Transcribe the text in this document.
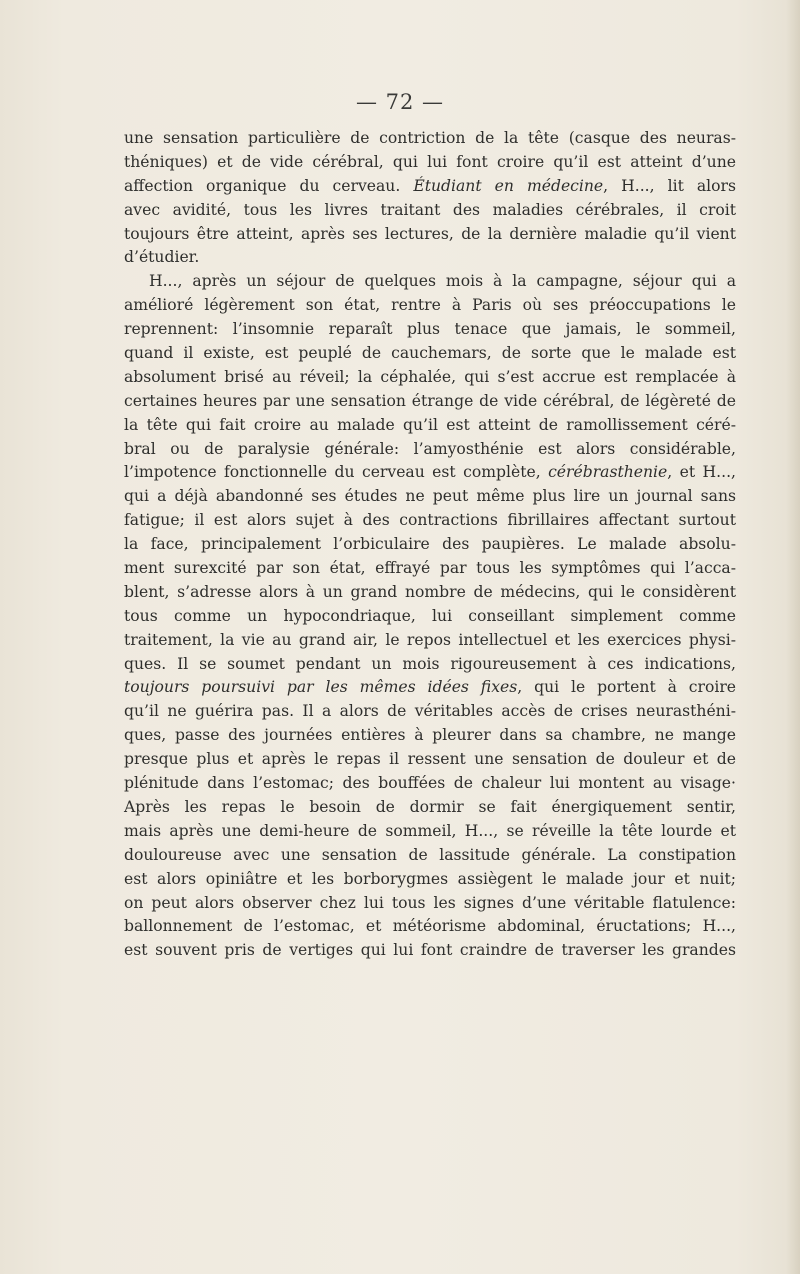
— 72 —
une sensation particulière de contriction de la tête (casque des neuras-
théniques) et de vide cérébral, qui lui font croire qu’il est atteint d’une
affection organique du cerveau. Étudiant en médecine, H..., lit alors
avec avidité, tous les livres traitant des maladies cérébrales, il croit
toujours être atteint, après ses lectures, de la dernière maladie qu’il vient
d’étudier.
H..., après un séjour de quelques mois à la campagne, séjour qui a
amélioré légèrement son état, rentre à Paris où ses préoccupations le
reprennent: l’insomnie reparaît plus tenace que jamais, le sommeil,
quand il existe, est peuplé de cauchemars, de sorte que le malade est
absolument brisé au réveil; la céphalée, qui s’est accrue est remplacée à
certaines heures par une sensation étrange de vide cérébral, de légèreté de
la tête qui fait croire au malade qu’il est atteint de ramollissement céré-
bral ou de paralysie générale: l’amyosthénie est alors considérable,
l’impotence fonctionnelle du cerveau est complète, cérébrasthenie, et H...,
qui a déjà abandonné ses études ne peut même plus lire un journal sans
fatigue; il est alors sujet à des contractions fibrillaires affectant surtout
la face, principalement l’orbiculaire des paupières. Le malade absolu-
ment surexcité par son état, effrayé par tous les symptômes qui l’acca-
blent, s’adresse alors à un grand nombre de médecins, qui le considèrent
tous comme un hypocondriaque, lui conseillant simplement comme
traitement, la vie au grand air, le repos intellectuel et les exercices physi-
ques. Il se soumet pendant un mois rigoureusement à ces indications,
toujours poursuivi par les mêmes idées fixes, qui le portent à croire
qu’il ne guérira pas. Il a alors de véritables accès de crises neurasthéni-
ques, passe des journées entières à pleurer dans sa chambre, ne mange
presque plus et après le repas il ressent une sensation de douleur et de
plénitude dans l’estomac; des bouffées de chaleur lui montent au visage·
Après les repas le besoin de dormir se fait énergiquement sentir,
mais après une demi-heure de sommeil, H..., se réveille la tête lourde et
douloureuse avec une sensation de lassitude générale. La constipation
est alors opiniâtre et les borborygmes assiègent le malade jour et nuit;
on peut alors observer chez lui tous les signes d’une véritable flatulence:
ballonnement de l’estomac, et météorisme abdominal, éructations; H...,
est souvent pris de vertiges qui lui font craindre de traverser les grandes
